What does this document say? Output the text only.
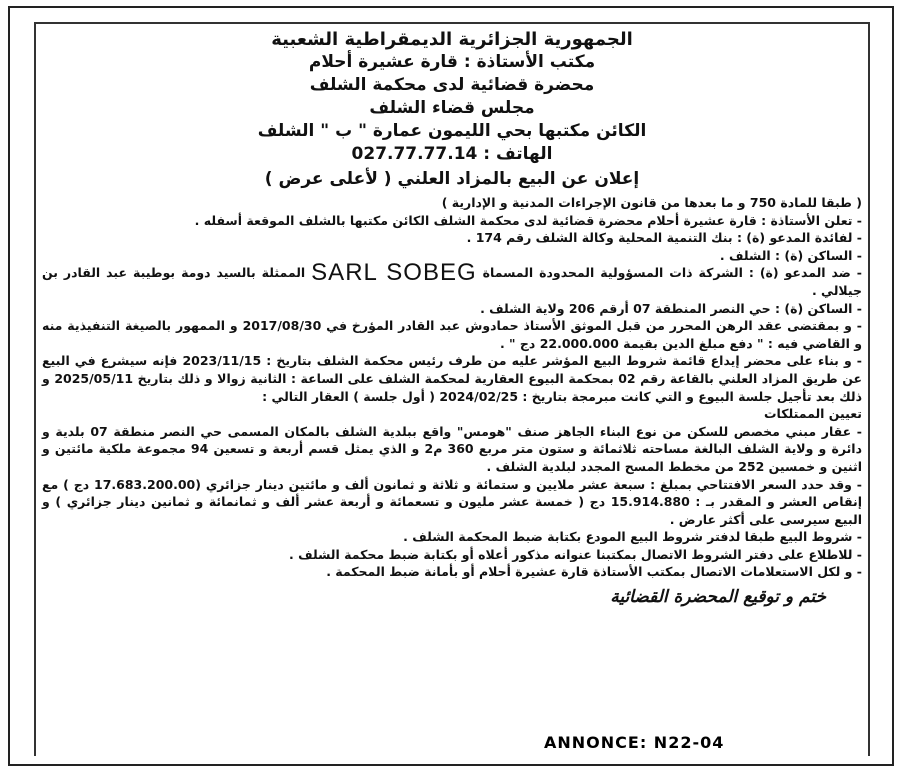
الجمهورية الجزائرية الديمقراطية الشعبية

مكتب الأستاذة : قارة عشيرة أحلام

محضرة قضائية لدى محكمة الشلف

مجلس قضاء الشلف

الكائن مكتبها بحي الليمون عمارة " ب " الشلف

الهاتف : 027.77.77.14

إعلان عن البيع بالمزاد العلني ( لأعلى عرض )

( طبقا للمادة 750 و ما بعدها من قانون الإجراءات المدنية و الإدارية )

- تعلن الأستاذة : قارة عشيرة أحلام محضرة قضائية لدى محكمة الشلف الكائن مكتبها بالشلف الموقعة أسفله .

- لفائدة المدعو (ة) : بنك التنمية المحلية وكالة الشلف رقم 174 .

- الساكن (ة) : الشلف .

- ضد المدعو (ة) : الشركة ذات المسؤولية المحدودة المسماة SARL SOBEG الممثلة بالسيد دومة بوطيبة عبد القادر بن جيلالي .

- الساكن (ة) : حي النصر المنطقة 07 أرقم 206 ولاية الشلف .

- و بمقتضى عقد الرهن المحرر من قبل الموثق الأستاذ حمادوش عبد القادر المؤرخ في 2017/08/30 و الممهور بالصيغة التنفيذية منه و القاضي فيه : " دفع مبلغ الدين بقيمة 22.000.000 دج " .

- و بناء على محضر إيداع قائمة شروط البيع المؤشر عليه من طرف رئيس محكمة الشلف بتاريخ : 2023/11/15 فإنه سيشرع في البيع عن طريق المزاد العلني بالقاعة رقم 02 بمحكمة البيوع العقارية لمحكمة الشلف على الساعة : الثانية زوالا و ذلك بتاريخ 2025/05/11 و ذلك بعد تأجيل جلسة البيوع و التي كانت مبرمجة بتاريخ : 2024/02/25 ( أول جلسة ) العقار التالي :

تعيين الممتلكات

- عقار مبني مخصص للسكن من نوع البناء الجاهز صنف "هومس" واقع ببلدية الشلف بالمكان المسمى حي النصر منطقة 07 بلدية و دائرة و ولاية الشلف البالغة مساحته ثلاثمائة و ستون متر مربع 360 م2 و الذي يمثل قسم أربعة و تسعين 94 مجموعة ملكية مائتين و اثنين و خمسين 252 من مخطط المسح المجدد لبلدية الشلف .

- وقد حدد السعر الافتتاحي بمبلغ : سبعة عشر ملايين و ستمائة و ثلاثة و ثمانون ألف و مائتين دينار جزائري (17.683.200.00 دج ) مع إنقاص العشر و المقدر بـ : 15.914.880 دج ( خمسة عشر مليون و تسعمائة و أربعة عشر ألف و ثمانمائة و ثمانين دينار جزائري ) و البيع سيرسى على أكثر عارض .

- شروط البيع طبقا لدفتر شروط البيع المودع بكتابة ضبط المحكمة الشلف .

- للاطلاع على دفتر الشروط الاتصال بمكتبنا عنوانه مذكور أعلاه أو بكتابة ضبط محكمة الشلف .

- و لكل الاستعلامات الاتصال بمكتب الأستاذة قارة عشيرة أحلام أو بأمانة ضبط المحكمة .

ختم و توقيع المحضرة القضائية
ANNONCE: N22-04
